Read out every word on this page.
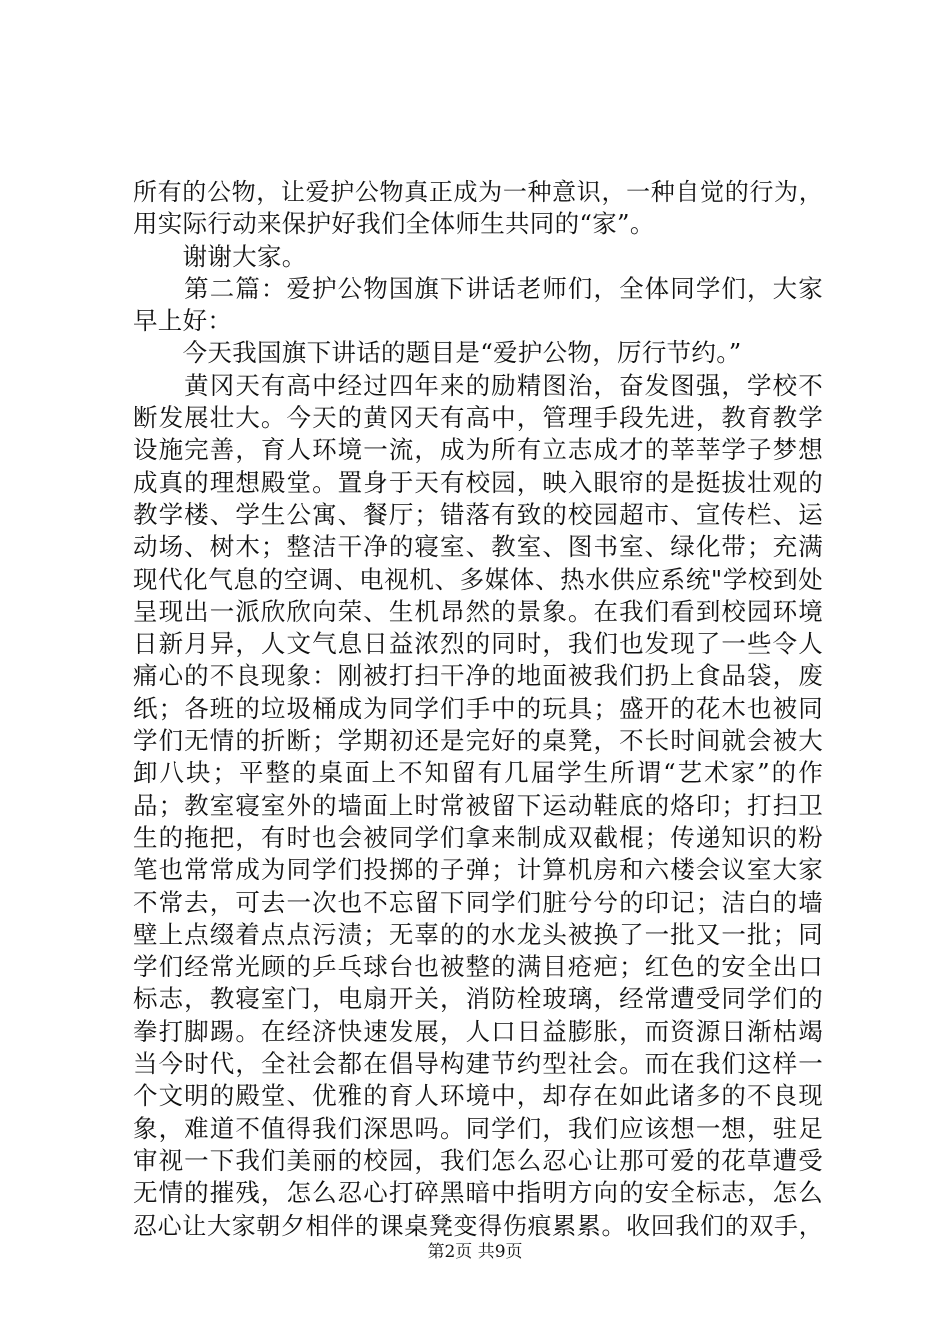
所有的公物，让爱护公物真正成为一种意识，一种自觉的行为，
用实际行动来保护好我们全体师生共同的“家”。
　　谢谢大家。
　　第二篇：爱护公物国旗下讲话老师们，全体同学们，大家
早上好：
　　今天我国旗下讲话的题目是“爱护公物，厉行节约。”
　　黄冈天有高中经过四年来的励精图治，奋发图强，学校不
断发展壮大。今天的黄冈天有高中，管理手段先进，教育教学
设施完善，育人环境一流，成为所有立志成才的莘莘学子梦想
成真的理想殿堂。置身于天有校园，映入眼帘的是挺拔壮观的
教学楼、学生公寓、餐厅；错落有致的校园超市、宣传栏、运
动场、树木；整洁干净的寝室、教室、图书室、绿化带；充满
现代化气息的空调、电视机、多媒体、热水供应系统"学校到处
呈现出一派欣欣向荣、生机昂然的景象。在我们看到校园环境
日新月异，人文气息日益浓烈的同时，我们也发现了一些令人
痛心的不良现象：刚被打扫干净的地面被我们扔上食品袋，废
纸；各班的垃圾桶成为同学们手中的玩具；盛开的花木也被同
学们无情的折断；学期初还是完好的桌凳，不长时间就会被大
卸八块；平整的桌面上不知留有几届学生所谓“艺术家”的作
品；教室寝室外的墙面上时常被留下运动鞋底的烙印；打扫卫
生的拖把，有时也会被同学们拿来制成双截棍；传递知识的粉
笔也常常成为同学们投掷的子弹；计算机房和六楼会议室大家
不常去，可去一次也不忘留下同学们脏兮兮的印记；洁白的墙
壁上点缀着点点污渍；无辜的的水龙头被换了一批又一批；同
学们经常光顾的乒乓球台也被整的满目疮疤；红色的安全出口
标志，教寝室门，电扇开关，消防栓玻璃，经常遭受同学们的
拳打脚踢。在经济快速发展，人口日益膨胀，而资源日渐枯竭
当今时代，全社会都在倡导构建节约型社会。而在我们这样一
个文明的殿堂、优雅的育人环境中，却存在如此诸多的不良现
象，难道不值得我们深思吗。同学们，我们应该想一想，驻足
审视一下我们美丽的校园，我们怎么忍心让那可爱的花草遭受
无情的摧残，怎么忍心打碎黑暗中指明方向的安全标志，怎么
忍心让大家朝夕相伴的课桌凳变得伤痕累累。收回我们的双手，
第2页 共9页
